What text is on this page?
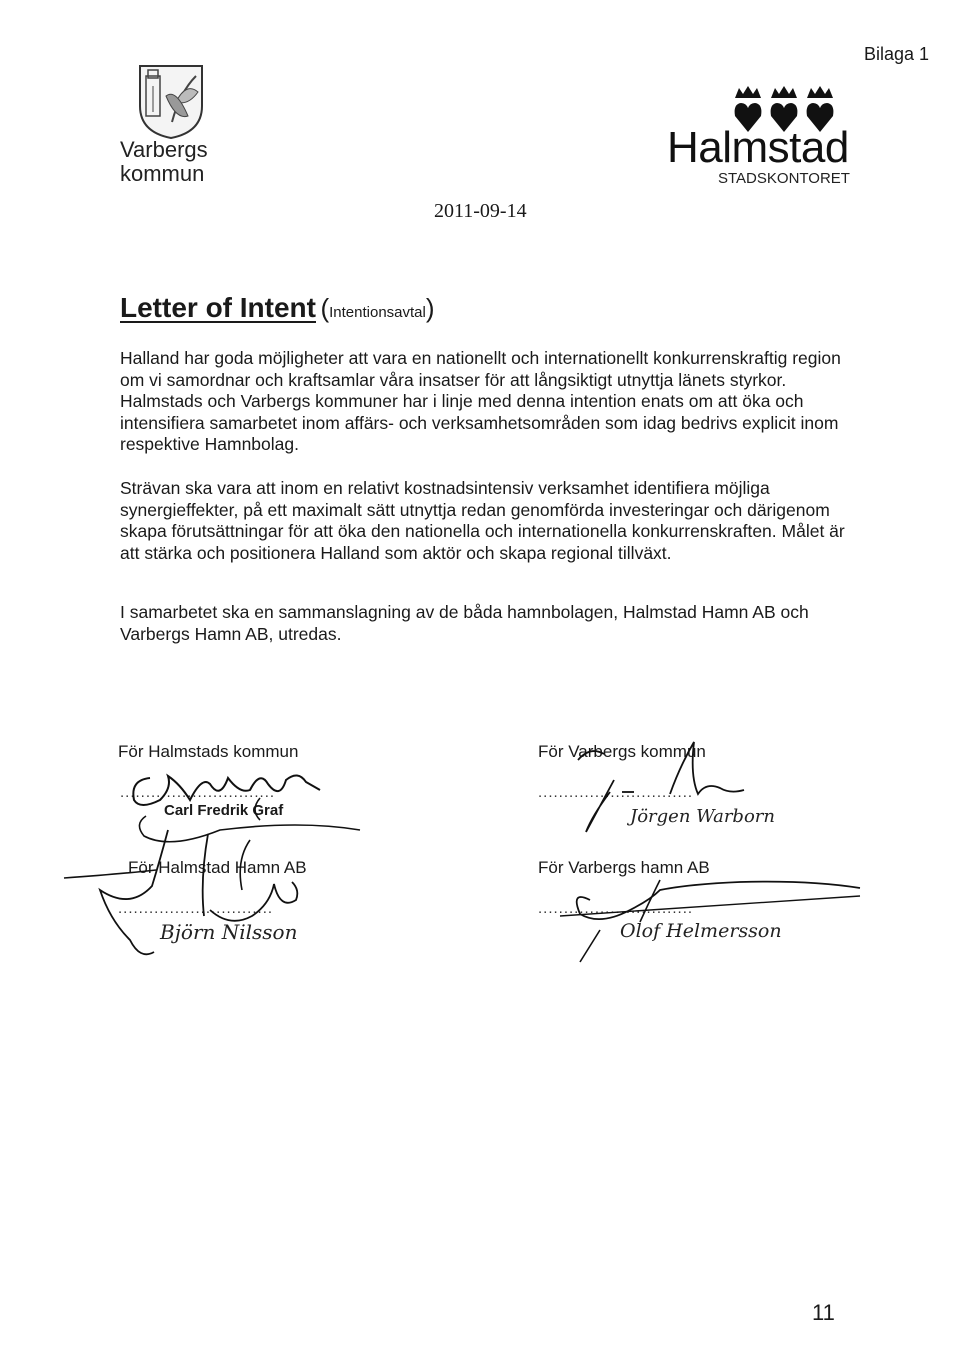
Bilaga 1
Varbergs
kommun
Halmstad
STADSKONTORET
2011-09-14
Letter of Intent (Intentionsavtal)

Halland har goda möjligheter att vara en nationellt och internationellt konkurrenskraftig region om vi samordnar och kraftsamlar våra insatser för att långsiktigt utnyttja länets styrkor. Halmstads och Varbergs kommuner har i linje med denna intention enats om att öka och intensifiera samarbetet inom affärs- och verksamhetsområden som idag bedrivs explicit inom respektive Hamnbolag.

Strävan ska vara att inom en relativt kostnadsintensiv verksamhet identifiera möjliga synergieffekter, på ett maximalt sätt utnyttja redan genomförda investeringar och därigenom skapa förutsättningar för att öka den nationella och internationella konkurrenskraften. Målet är att stärka och positionera Halland som aktör och skapa regional tillväxt.

I samarbetet ska en sammanslagning av de båda hamnbolagen, Halmstad Hamn AB och Varbergs Hamn AB, utredas.

För Halmstads kommun
..............................
Carl Fredrik Graf
För Varbergs kommun
..............................
Jörgen Warborn
För Halmstad Hamn AB
..............................
Björn Nilsson
För Varbergs hamn AB
..............................
Olof Helmersson
11
